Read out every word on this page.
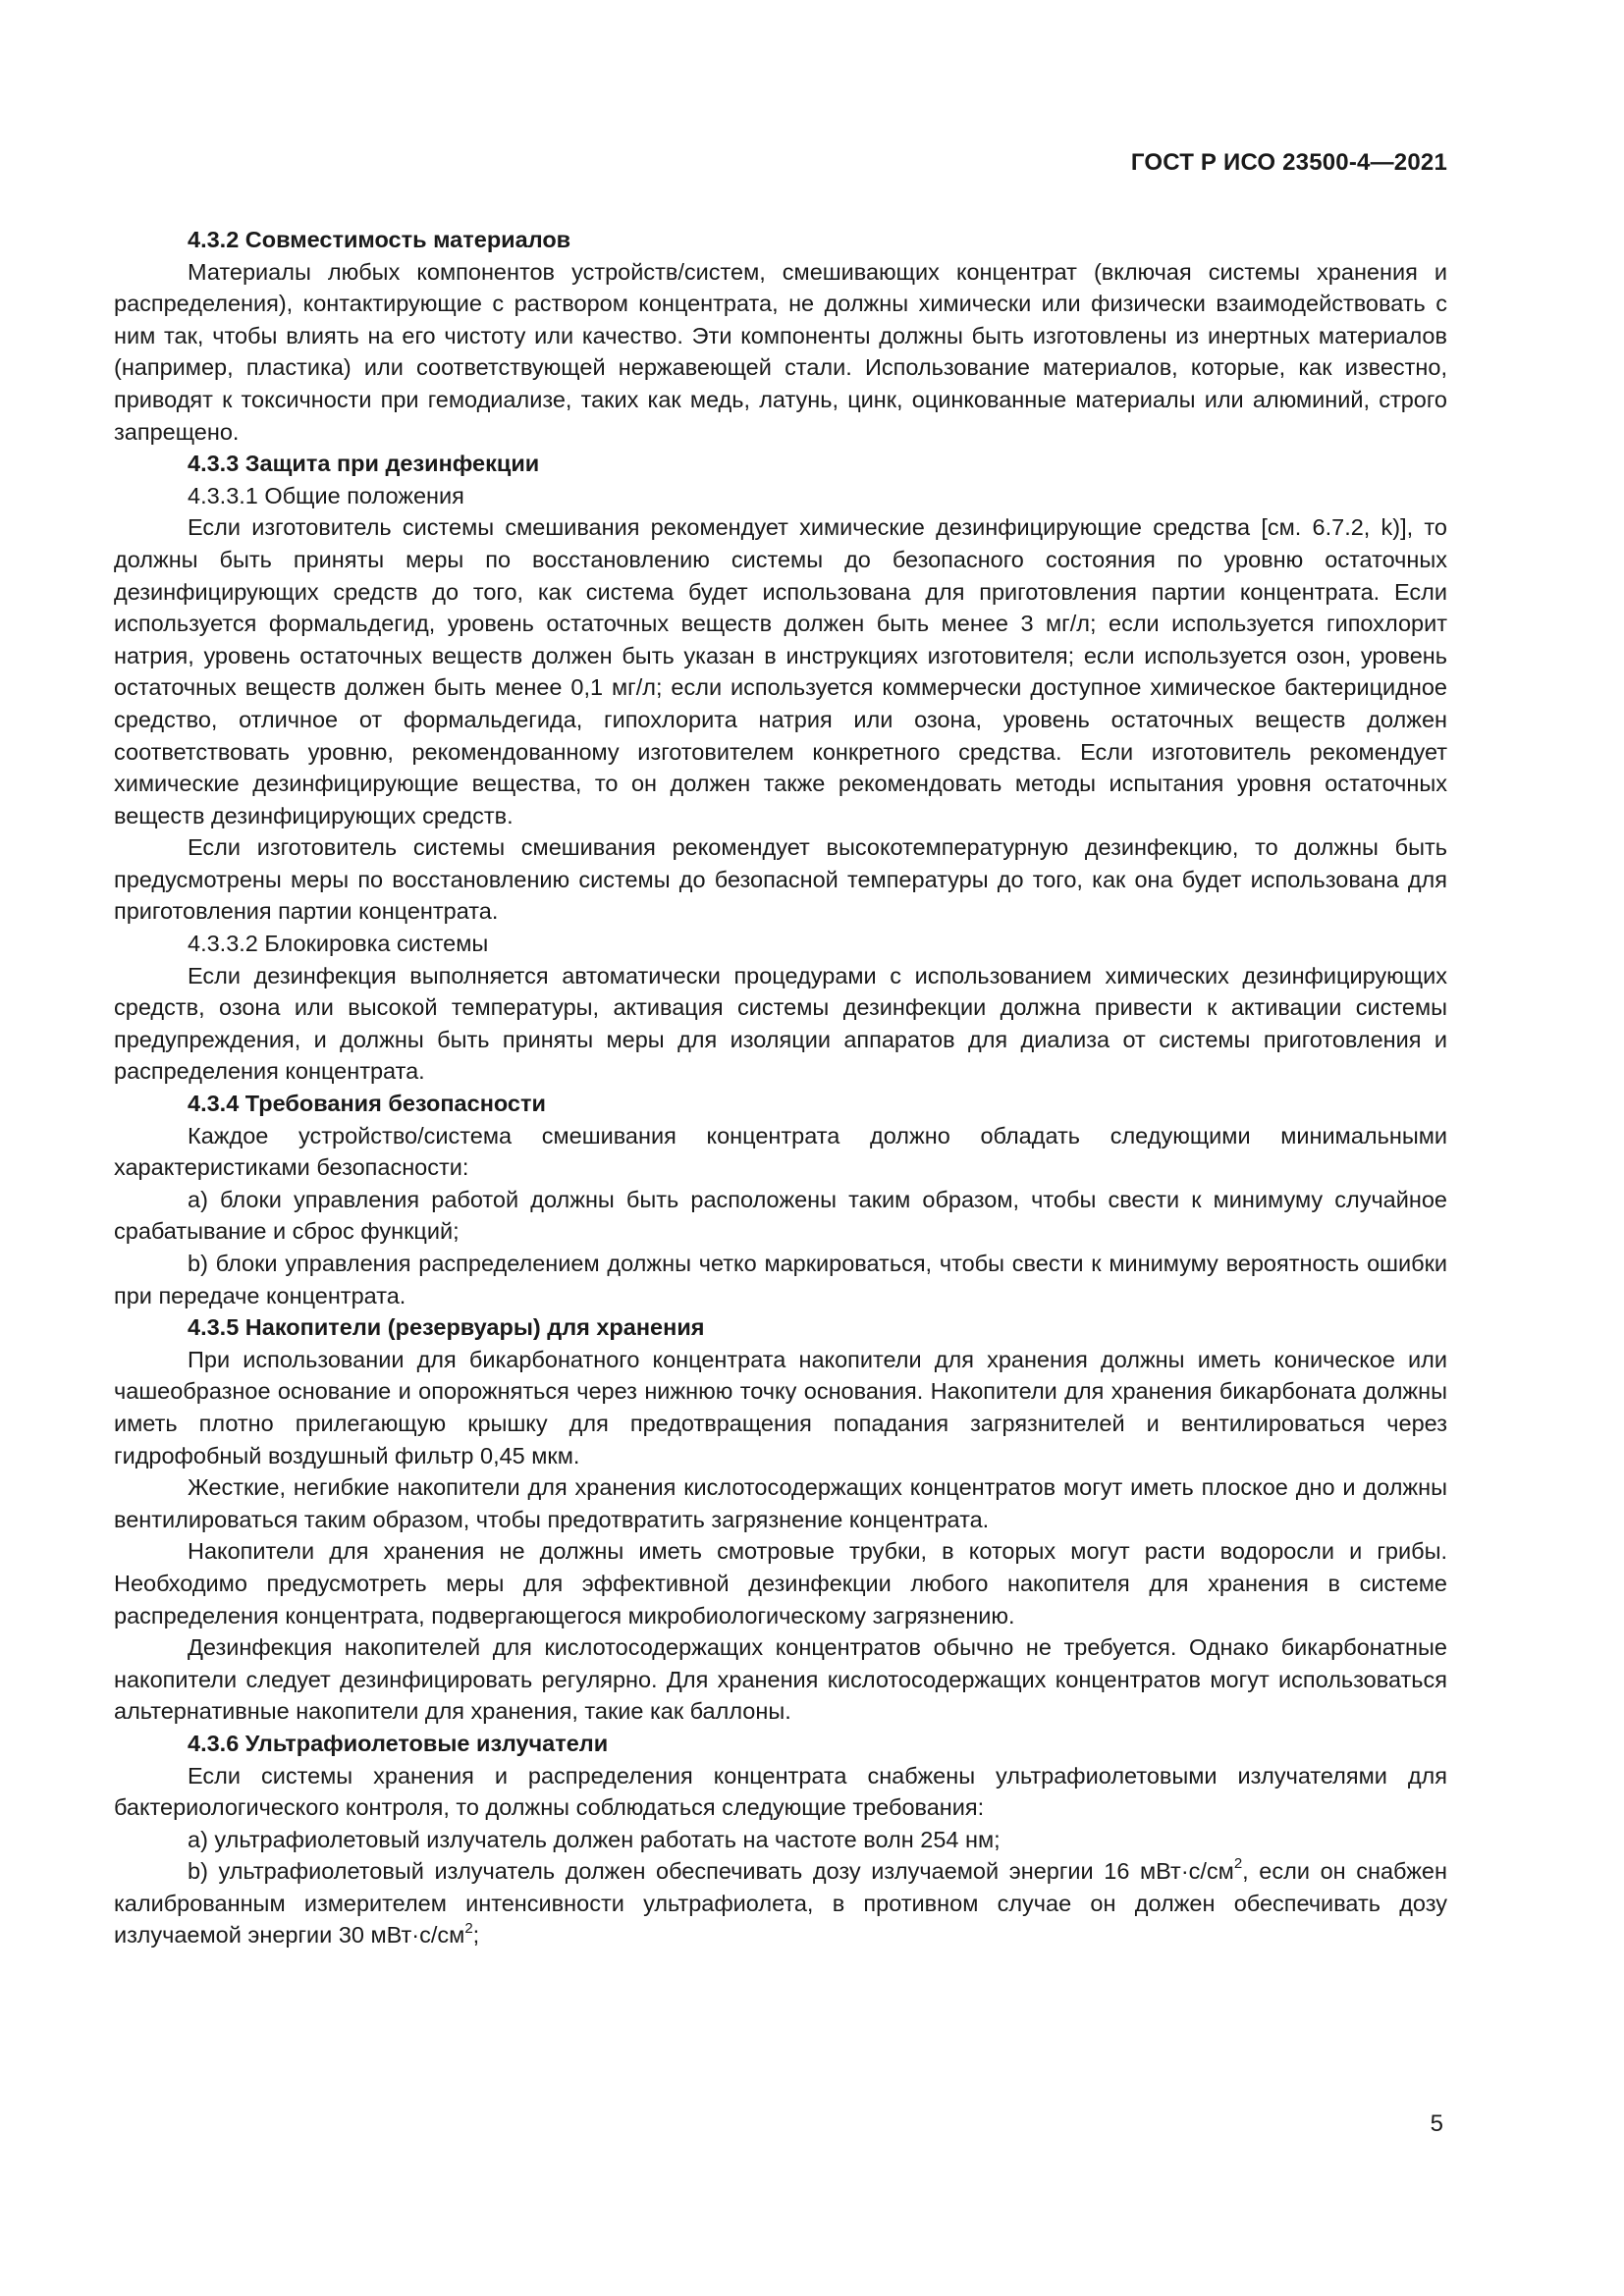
ГОСТ Р ИСО 23500-4—2021

4.3.2 Совместимость материалов

Материалы любых компонентов устройств/систем, смешивающих концентрат (включая системы хранения и распределения), контактирующие с раствором концентрата, не должны химически или физически взаимодействовать с ним так, чтобы влиять на его чистоту или качество. Эти компоненты должны быть изготовлены из инертных материалов (например, пластика) или соответствующей нержавеющей стали. Использование материалов, которые, как известно, приводят к токсичности при гемодиализе, таких как медь, латунь, цинк, оцинкованные материалы или алюминий, строго запрещено.

4.3.3 Защита при дезинфекции

4.3.3.1 Общие положения

Если изготовитель системы смешивания рекомендует химические дезинфицирующие средства [см. 6.7.2, k)], то должны быть приняты меры по восстановлению системы до безопасного состояния по уровню остаточных дезинфицирующих средств до того, как система будет использована для приготовления партии концентрата. Если используется формальдегид, уровень остаточных веществ должен быть менее 3 мг/л; если используется гипохлорит натрия, уровень остаточных веществ должен быть указан в инструкциях изготовителя; если используется озон, уровень остаточных веществ должен быть менее 0,1 мг/л; если используется коммерчески доступное химическое бактерицидное средство, отличное от формальдегида, гипохлорита натрия или озона, уровень остаточных веществ должен соответствовать уровню, рекомендованному изготовителем конкретного средства. Если изготовитель рекомендует химические дезинфицирующие вещества, то он должен также рекомендовать методы испытания уровня остаточных веществ дезинфицирующих средств.

Если изготовитель системы смешивания рекомендует высокотемпературную дезинфекцию, то должны быть предусмотрены меры по восстановлению системы до безопасной температуры до того, как она будет использована для приготовления партии концентрата.

4.3.3.2 Блокировка системы

Если дезинфекция выполняется автоматически процедурами с использованием химических дезинфицирующих средств, озона или высокой температуры, активация системы дезинфекции должна привести к активации системы предупреждения, и должны быть приняты меры для изоляции аппаратов для диализа от системы приготовления и распределения концентрата.

4.3.4 Требования безопасности

Каждое устройство/система смешивания концентрата должно обладать следующими минимальными характеристиками безопасности:

a) блоки управления работой должны быть расположены таким образом, чтобы свести к минимуму случайное срабатывание и сброс функций;

b) блоки управления распределением должны четко маркироваться, чтобы свести к минимуму вероятность ошибки при передаче концентрата.

4.3.5 Накопители (резервуары) для хранения

При использовании для бикарбонатного концентрата накопители для хранения должны иметь коническое или чашеобразное основание и опорожняться через нижнюю точку основания. Накопители для хранения бикарбоната должны иметь плотно прилегающую крышку для предотвращения попадания загрязнителей и вентилироваться через гидрофобный воздушный фильтр 0,45 мкм.

Жесткие, негибкие накопители для хранения кислотосодержащих концентратов могут иметь плоское дно и должны вентилироваться таким образом, чтобы предотвратить загрязнение концентрата.

Накопители для хранения не должны иметь смотровые трубки, в которых могут расти водоросли и грибы. Необходимо предусмотреть меры для эффективной дезинфекции любого накопителя для хранения в системе распределения концентрата, подвергающегося микробиологическому загрязнению.

Дезинфекция накопителей для кислотосодержащих концентратов обычно не требуется. Однако бикарбонатные накопители следует дезинфицировать регулярно. Для хранения кислотосодержащих концентратов могут использоваться альтернативные накопители для хранения, такие как баллоны.

4.3.6 Ультрафиолетовые излучатели

Если системы хранения и распределения концентрата снабжены ультрафиолетовыми излучателями для бактериологического контроля, то должны соблюдаться следующие требования:

a) ультрафиолетовый излучатель должен работать на частоте волн 254 нм;

b) ультрафиолетовый излучатель должен обеспечивать дозу излучаемой энергии 16 $мВт\cdot с/см^2$, если он снабжен калиброванным измерителем интенсивности ультрафиолета, в противном случае он должен обеспечивать дозу излучаемой энергии 30 $мВт\cdot с/см^2$;

5
